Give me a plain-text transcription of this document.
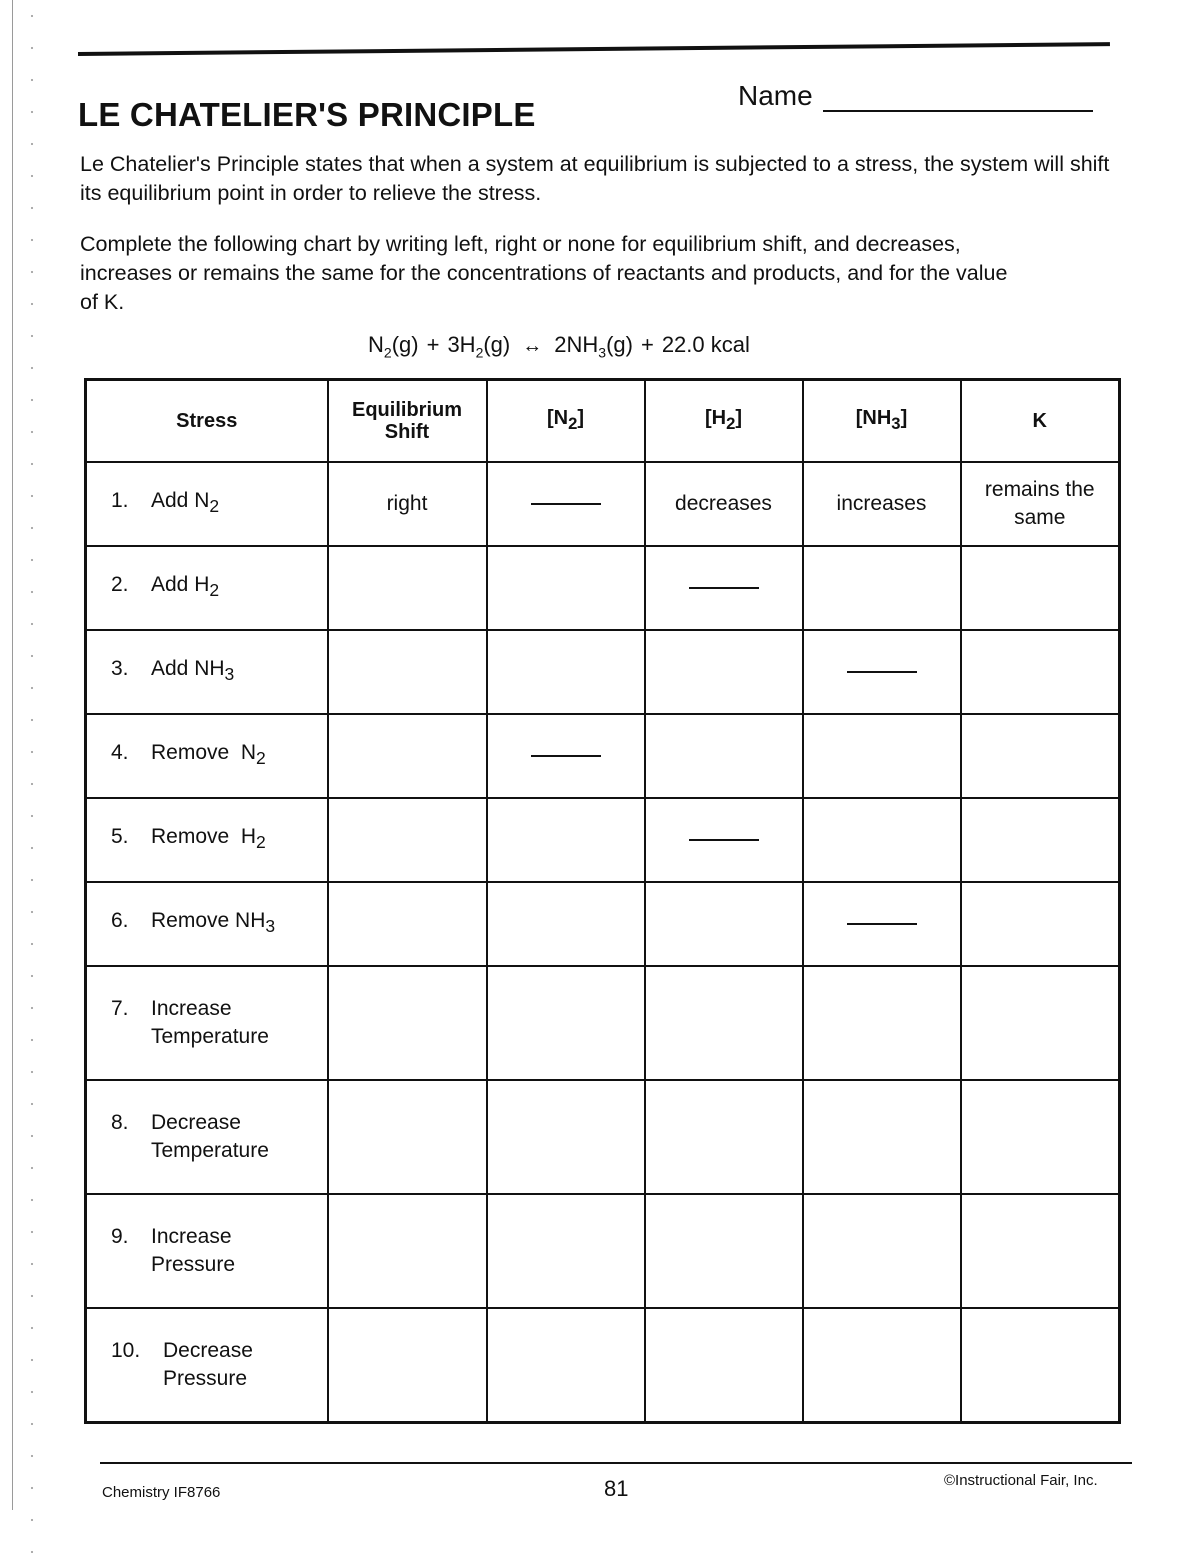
LE CHATELIER'S PRINCIPLE
Name

Le Chatelier's Principle states that when a system at equilibrium is subjected to a stress, the system will shift its equilibrium point in order to relieve the stress.

Complete the following chart by writing left, right or none for equilibrium shift, and decreases, increases or remains the same for the concentrations of reactants and products, and for the value of K.

$N_2(g) + 3H_2(g)$ ↔ $2NH_3(g) + 22.0$ kcal
Stress	Equilibrium Shift	$[N_2]$	$[H_2]$	$[NH_3]$	K

1. Add $N_2$	right		decreases	increases	remains the same

2. Add $H_2$

3. Add $NH_3$

4. Remove  $N_2$

5. Remove  $H_2$

6. Remove $NH_3$

7. Increase
Temperature					

8. Decrease
Temperature					

9. Increase
Pressure					

10. Decrease
Pressure					

Chemistry IF8766	81	©Instructional Fair, Inc.
